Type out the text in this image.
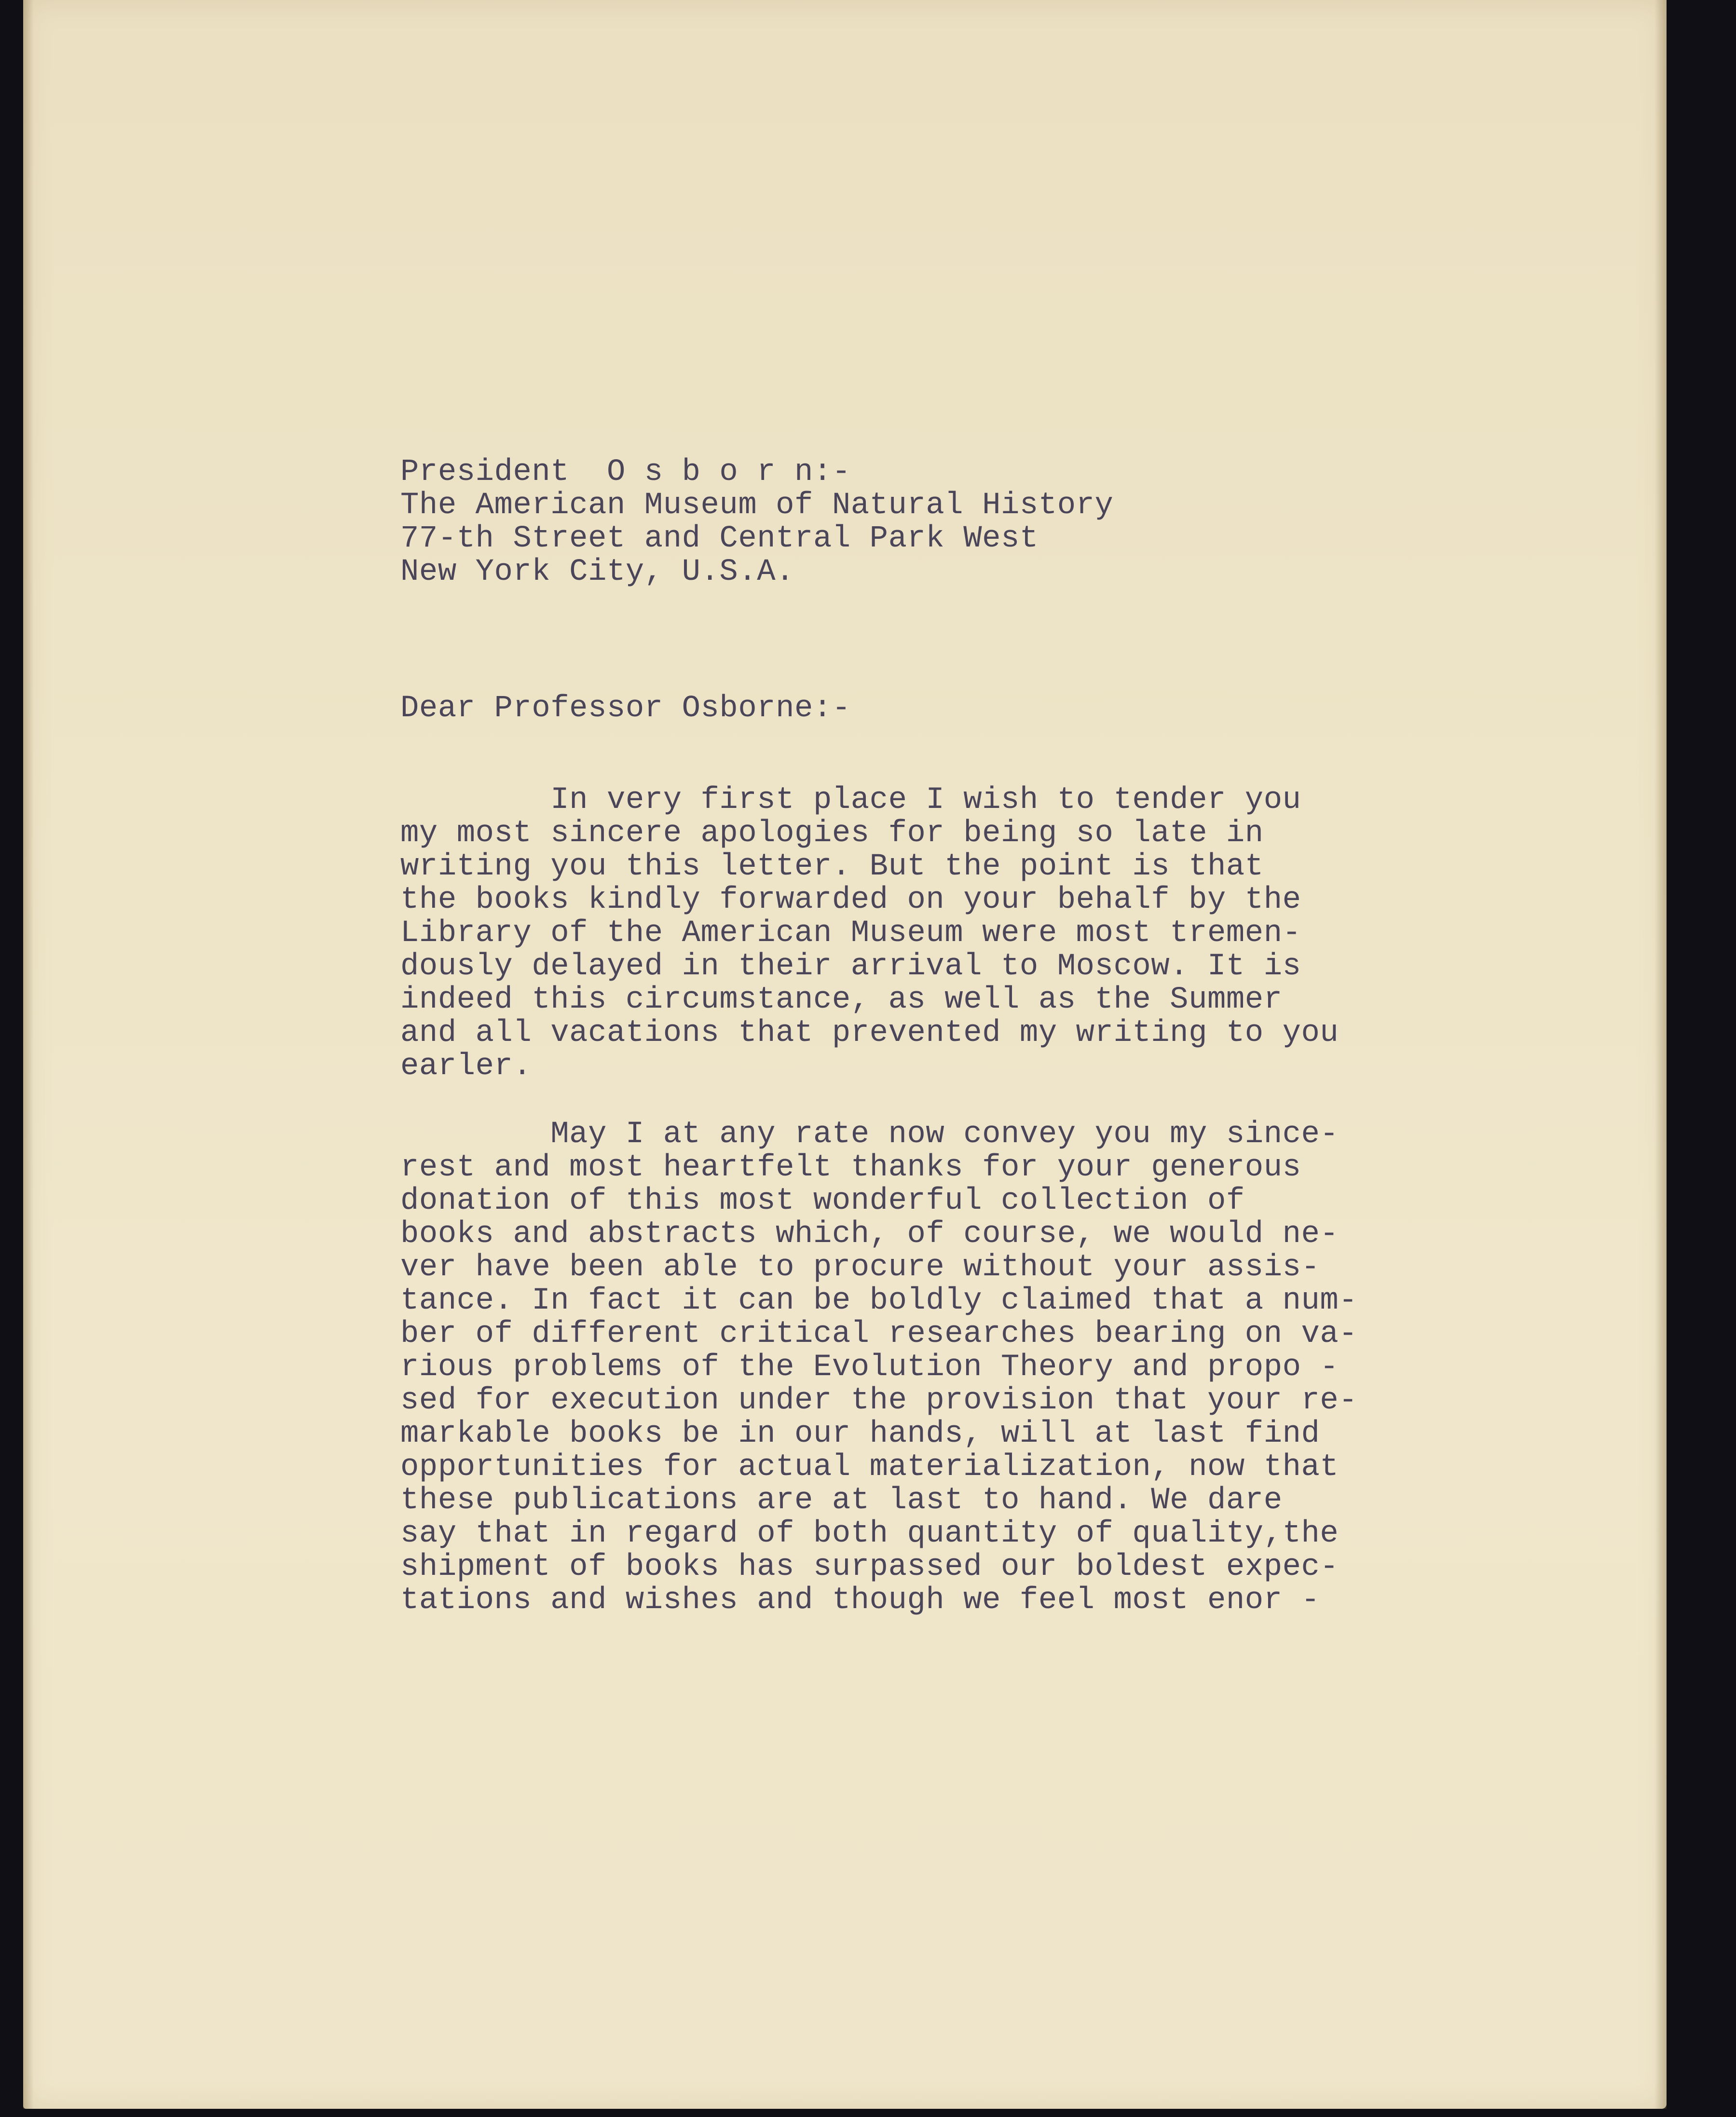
President  O s b o r n:-
The American Museum of Natural History
77-th Street and Central Park West
New York City, U.S.A.
Dear Professor Osborne:-
In very first place I wish to tender you
my most sincere apologies for being so late in
writing you this letter. But the point is that
the books kindly forwarded on your behalf by the
Library of the American Museum were most tremen-
dously delayed in their arrival to Moscow. It is
indeed this circumstance, as well as the Summer
and all vacations that prevented my writing to you
earler.
May I at any rate now convey you my since-
rest and most heartfelt thanks for your generous
donation of this most wonderful collection of
books and abstracts which, of course, we would ne-
ver have been able to procure without your assis-
tance. In fact it can be boldly claimed that a num-
ber of different critical researches bearing on va-
rious problems of the Evolution Theory and propo -
sed for execution under the provision that your re-
markable books be in our hands, will at last find
opportunities for actual materialization, now that
these publications are at last to hand. We dare
say that in regard of both quantity of quality,the
shipment of books has surpassed our boldest expec-
tations and wishes and though we feel most enor -
